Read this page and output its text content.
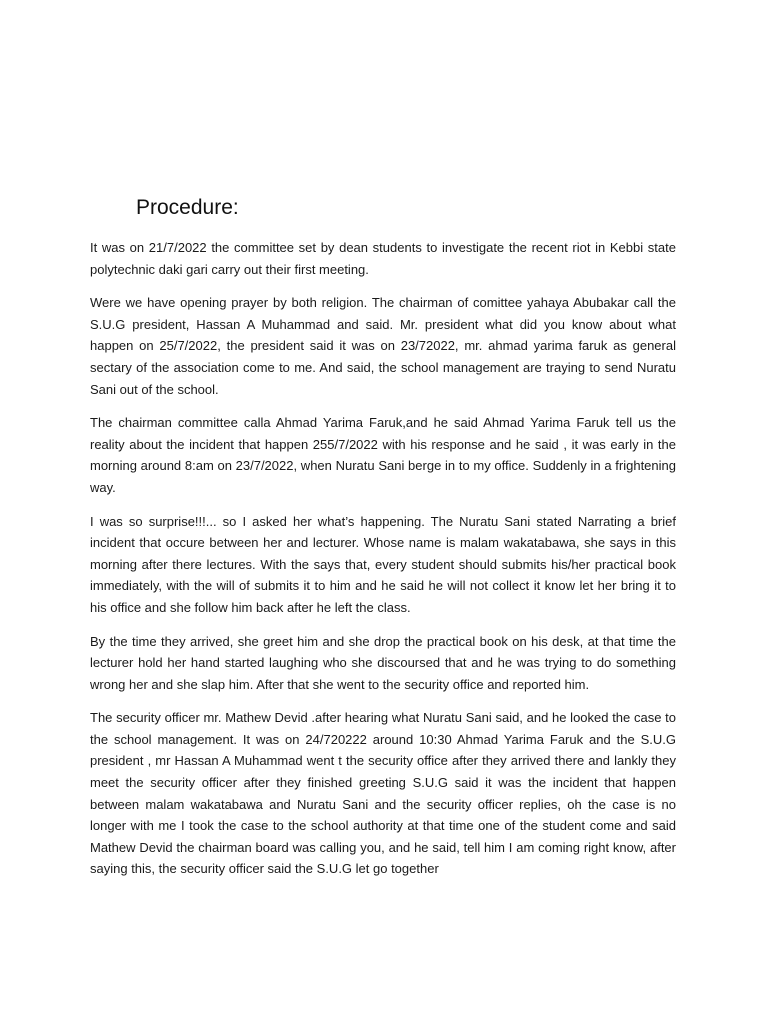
Procedure:

It was on 21/7/2022 the committee set by dean students to investigate the recent riot in Kebbi state polytechnic daki gari carry out their first meeting.

Were we have opening prayer by both religion. The chairman of comittee yahaya Abubakar call the S.U.G president, Hassan A Muhammad and said. Mr. president what did you know about what happen on 25/7/2022, the president said it was on 23/72022, mr. ahmad yarima faruk as general sectary of the association come to me. And said, the school management are traying to send Nuratu Sani out of the school.

The chairman committee calla Ahmad Yarima Faruk,and he said Ahmad Yarima Faruk tell us the reality about the incident that happen 255/7/2022 with his response and he said , it was early in the morning around 8:am on 23/7/2022, when Nuratu Sani berge in to my office. Suddenly in a frightening way.

I was so surprise!!!... so I asked her what’s happening. The Nuratu Sani stated Narrating a brief incident that occure between her and lecturer. Whose name is malam wakatabawa, she says in this morning after there lectures. With the says that, every student should submits his/her practical book immediately, with the will of submits it to him and he said he will not collect it know let her bring it to his office and she follow him back after he left the class.

By the time they arrived, she greet him and she drop the practical book on his desk, at that time the lecturer hold her hand started laughing who she discoursed that and he was trying to do something wrong her and she slap him. After that she went to the security office and reported him.

The security officer mr. Mathew Devid .after hearing what Nuratu Sani said, and he looked the case to the school management. It was on 24/720222 around 10:30 Ahmad Yarima Faruk and the S.U.G president , mr Hassan A Muhammad went t the security office after they arrived there and lankly they meet the security officer after they finished greeting S.U.G said it was the incident that happen between malam wakatabawa and Nuratu Sani and the security officer replies, oh the case is no longer with me I took the case to the school authority at that time one of the student come and said Mathew Devid the chairman board was calling you, and he said, tell him I am coming right know, after saying this, the security officer said the S.U.G let go together
